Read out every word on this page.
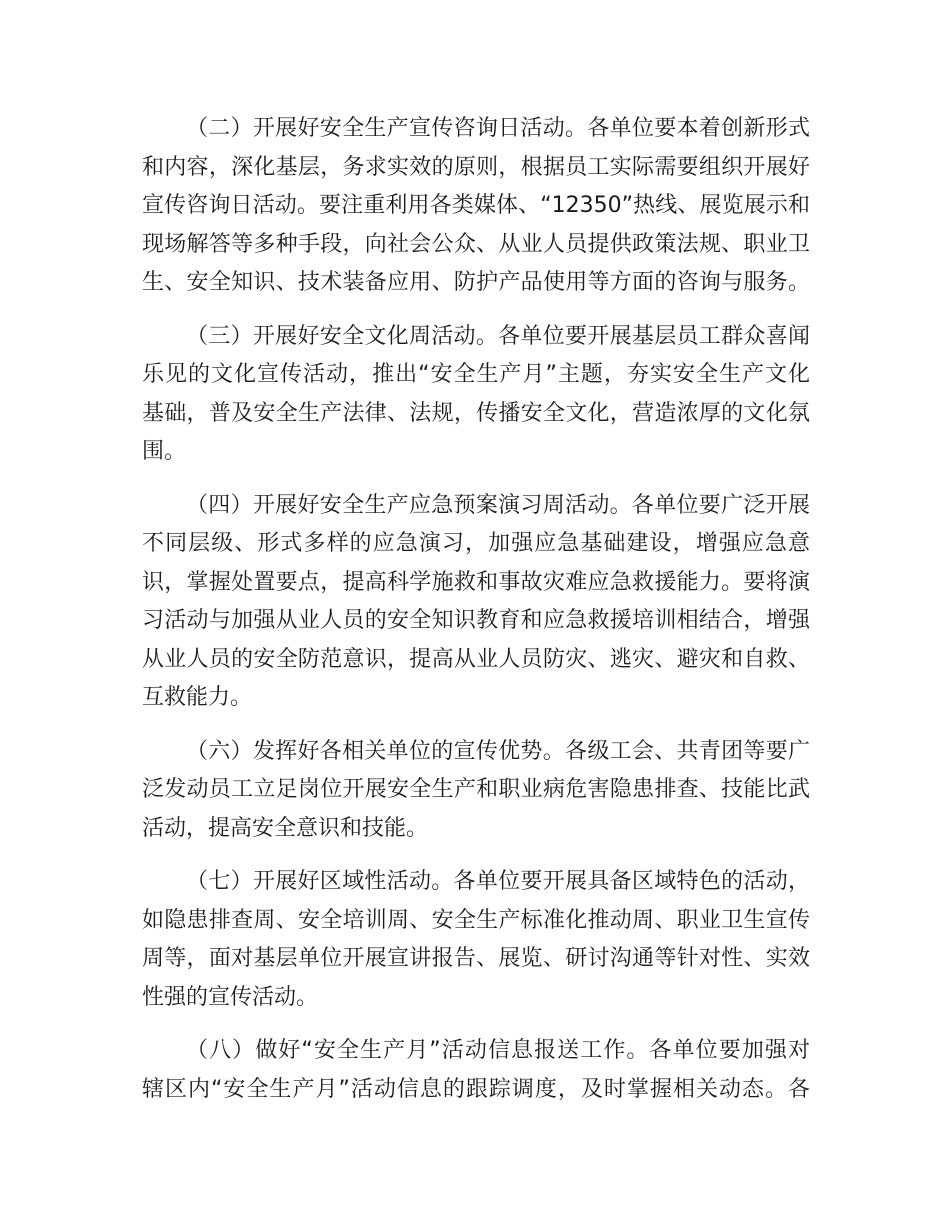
（二）开展好安全生产宣传咨询日活动。各单位要本着创新形式
和内容，深化基层，务求实效的原则，根据员工实际需要组织开展好
宣传咨询日活动。要注重利用各类媒体、“12350”热线、展览展示和
现场解答等多种手段，向社会公众、从业人员提供政策法规、职业卫
生、安全知识、技术装备应用、防护产品使用等方面的咨询与服务。
（三）开展好安全文化周活动。各单位要开展基层员工群众喜闻
乐见的文化宣传活动，推出“安全生产月”主题，夯实安全生产文化
基础，普及安全生产法律、法规，传播安全文化，营造浓厚的文化氛
围。
（四）开展好安全生产应急预案演习周活动。各单位要广泛开展
不同层级、形式多样的应急演习，加强应急基础建设，增强应急意
识，掌握处置要点，提高科学施救和事故灾难应急救援能力。要将演
习活动与加强从业人员的安全知识教育和应急救援培训相结合，增强
从业人员的安全防范意识，提高从业人员防灾、逃灾、避灾和自救、
互救能力。
（六）发挥好各相关单位的宣传优势。各级工会、共青团等要广
泛发动员工立足岗位开展安全生产和职业病危害隐患排查、技能比武
活动，提高安全意识和技能。
（七）开展好区域性活动。各单位要开展具备区域特色的活动，
如隐患排查周、安全培训周、安全生产标准化推动周、职业卫生宣传
周等，面对基层单位开展宣讲报告、展览、研讨沟通等针对性、实效
性强的宣传活动。
（八）做好“安全生产月”活动信息报送工作。各单位要加强对
辖区内“安全生产月”活动信息的跟踪调度，及时掌握相关动态。各
